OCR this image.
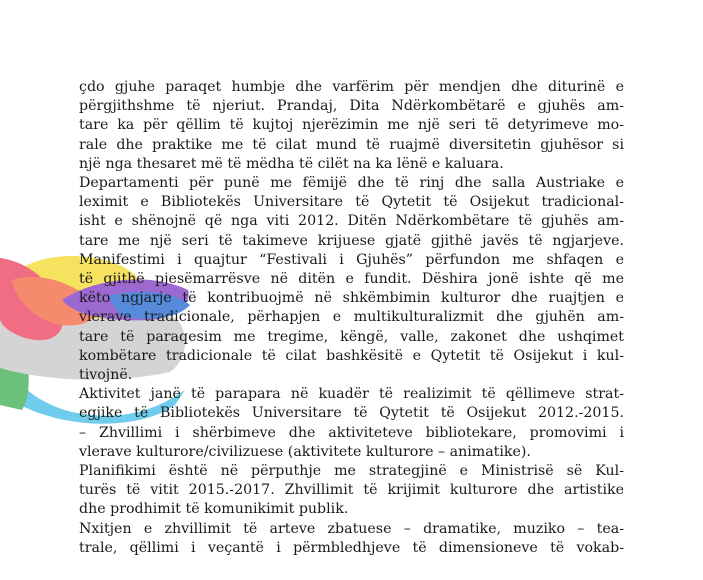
çdo gjuhe paraqet humbje dhe varfërim për mendjen dhe diturinë e
përgjithshme të njeriut. Prandaj, Dita Ndërkombëtarë e gjuhës am-
tare ka për qëllim të kujtoj njerëzimin me një seri të detyrimeve mo-
rale dhe praktike me të cilat mund të ruajmë diversitetin gjuhësor si
një nga thesaret më të mëdha të cilët na ka lënë e kaluara.

Departamenti për punë me fëmijë dhe të rinj dhe salla Austriake e
leximit e Bibliotekës Universitare të Qytetit të Osijekut tradicional-
isht e shënojnë që nga viti 2012. Ditën Ndërkombëtare të gjuhës am-
tare me një seri të takimeve krijuese gjatë gjithë javës të ngjarjeve.
Manifestimi i quajtur “Festivali i Gjuhës” përfundon me shfaqen e
të gjithë pjesëmarrësve në ditën e fundit. Dëshira jonë ishte që me
këto ngjarje të kontribuojmë në shkëmbimin kulturor dhe ruajtjen e
vlerave tradicionale, përhapjen e multikulturalizmit dhe gjuhën am-
tare të paraqesim me tregime, këngë, valle, zakonet dhe ushqimet
kombëtare tradicionale të cilat bashkësitë e Qytetit të Osijekut i kul-
tivojnë.

Aktivitet janë të parapara në kuadër të realizimit të qëllimeve strat-
egjike të Bibliotekës Universitare të Qytetit të Osijekut 2012.-2015.
– Zhvillimi i shërbimeve dhe aktiviteteve bibliotekare, promovimi i
vlerave kulturore/civilizuese (aktivitete kulturore – animatike).

Planifikimi është në përputhje me strategjinë e Ministrisë së Kul-
turës të vitit 2015.-2017. Zhvillimit të krijimit kulturore dhe artistike
dhe prodhimit të komunikimit publik.

Nxitjen e zhvillimit të arteve zbatuese – dramatike, muziko – tea-
trale, qëllimi i veçantë i përmbledhjeve të dimensioneve të vokab-
